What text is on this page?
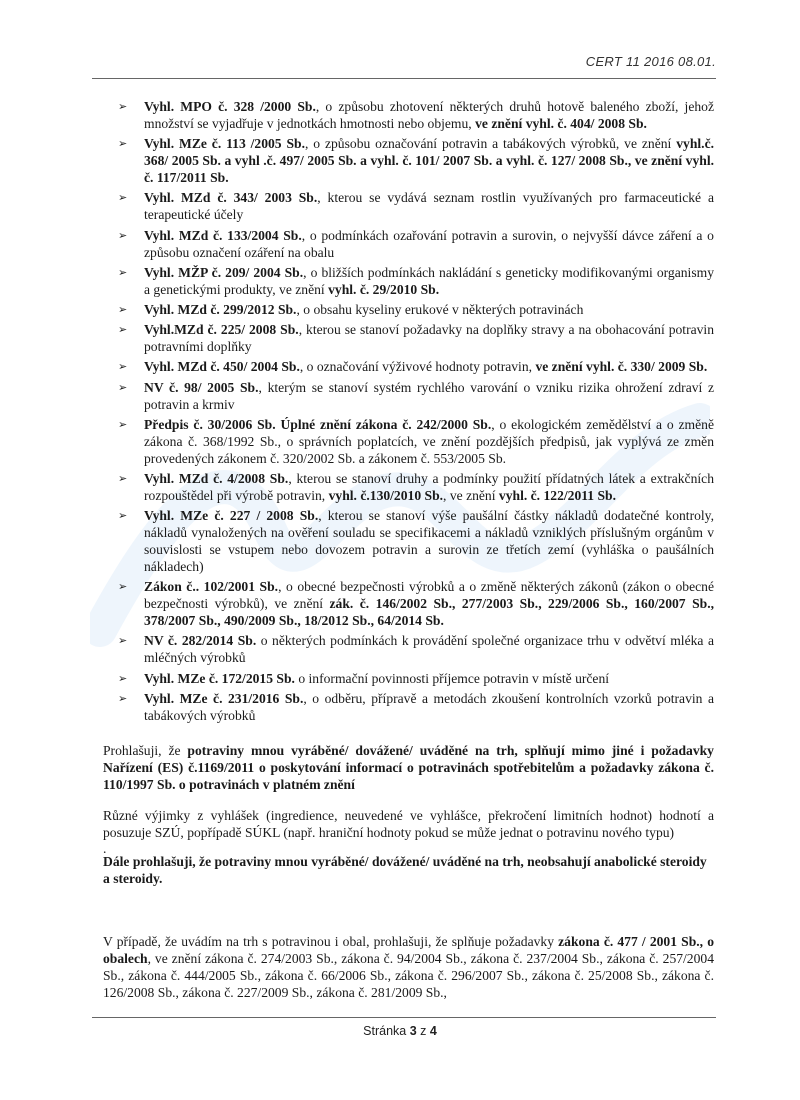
CERT 11 2016 08.01.
➢	Vyhl. MPO č. 328 /2000 Sb., o způsobu zhotovení některých druhů hotově baleného zboží, jehož množství se vyjadřuje v jednotkách hmotnosti nebo objemu, ve znění vyhl. č. 404/ 2008 Sb.
➢	Vyhl. MZe č. 113 /2005 Sb., o způsobu označování potravin a tabákových výrobků, ve znění vyhl.č. 368/ 2005 Sb. a vyhl .č. 497/ 2005 Sb. a vyhl. č. 101/ 2007 Sb. a vyhl. č. 127/ 2008 Sb., ve znění vyhl. č. 117/2011 Sb.
➢	Vyhl. MZd č. 343/ 2003 Sb., kterou se vydává seznam rostlin využívaných pro farmaceutické a terapeutické účely
➢	Vyhl. MZd č. 133/2004 Sb., o podmínkách ozařování potravin a surovin, o nejvyšší dávce záření a o způsobu označení ozáření na obalu
➢	Vyhl. MŽP č. 209/ 2004 Sb., o bližších podmínkách nakládání s geneticky modifikovanými organismy a genetickými produkty, ve znění vyhl. č. 29/2010 Sb.
➢	Vyhl. MZd č. 299/2012 Sb., o obsahu kyseliny erukové v některých potravinách
➢	Vyhl.MZd č. 225/ 2008 Sb., kterou se stanoví požadavky na doplňky stravy a na obohacování potravin potravními doplňky
➢	Vyhl. MZd č. 450/ 2004 Sb., o označování výživové hodnoty potravin, ve znění vyhl. č. 330/ 2009 Sb.
➢	NV č. 98/ 2005 Sb., kterým se stanoví systém rychlého varování o vzniku rizika ohrožení zdraví z potravin a krmiv
➢	Předpis č. 30/2006 Sb. Úplné znění zákona č. 242/2000 Sb., o ekologickém zemědělství a o změně zákona č. 368/1992 Sb., o správních poplatcích, ve znění pozdějších předpisů, jak vyplývá ze změn provedených zákonem č. 320/2002 Sb. a zákonem č. 553/2005 Sb.
➢	Vyhl. MZd č. 4/2008 Sb., kterou se stanoví druhy a podmínky použití přídatných látek a extrakčních rozpouštědel při výrobě potravin, vyhl. č.130/2010 Sb., ve znění vyhl. č. 122/2011 Sb.
➢	Vyhl. MZe č. 227 / 2008 Sb., kterou se stanoví výše paušální částky nákladů dodatečné kontroly, nákladů vynaložených na ověření souladu se specifikacemi a nákladů vzniklých příslušným orgánům v souvislosti se vstupem nebo dovozem potravin a surovin ze třetích zemí (vyhláška o paušálních nákladech)
➢	Zákon č.. 102/2001 Sb., o obecné bezpečnosti výrobků a o změně některých zákonů (zákon o obecné bezpečnosti výrobků), ve znění zák. č. 146/2002 Sb., 277/2003 Sb., 229/2006 Sb., 160/2007 Sb., 378/2007 Sb., 490/2009 Sb., 18/2012 Sb., 64/2014 Sb.
➢	NV č. 282/2014 Sb. o některých podmínkách k provádění společné organizace trhu v odvětví mléka a mléčných výrobků
➢	Vyhl. MZe č. 172/2015 Sb. o informační povinnosti příjemce potravin v místě určení
➢	Vyhl. MZe č. 231/2016 Sb., o odběru, přípravě a metodách zkoušení kontrolních vzorků potravin a tabákových výrobků

Prohlašuji, že potraviny mnou vyráběné/ dovážené/ uváděné na trh, splňují mimo jiné i požadavky Nařízení (ES) č.1169/2011 o poskytování informací o potravinách spotřebitelům a požadavky zákona č. 110/1997 Sb. o potravinách v platném znění

Různé výjimky z vyhlášek (ingredience, neuvedené ve vyhlášce, překročení limitních hodnot) hodnotí a posuzuje SZÚ, popřípadě SÚKL (např. hraniční hodnoty pokud se může jednat o potravinu nového typu)

.

Dále prohlašuji, že potraviny mnou vyráběné/ dovážené/ uváděné na trh, neobsahují anabolické steroidy a steroidy.

V případě, že uvádím na trh s potravinou i obal, prohlašuji, že splňuje požadavky zákona č. 477 / 2001 Sb., o obalech, ve znění zákona č. 274/2003 Sb., zákona č. 94/2004 Sb., zákona č. 237/2004 Sb., zákona č. 257/2004 Sb., zákona č. 444/2005 Sb., zákona č. 66/2006 Sb., zákona č. 296/2007 Sb., zákona č. 25/2008 Sb., zákona č. 126/2008 Sb., zákona č. 227/2009 Sb., zákona č. 281/2009 Sb.,

Stránka 3 z 4
